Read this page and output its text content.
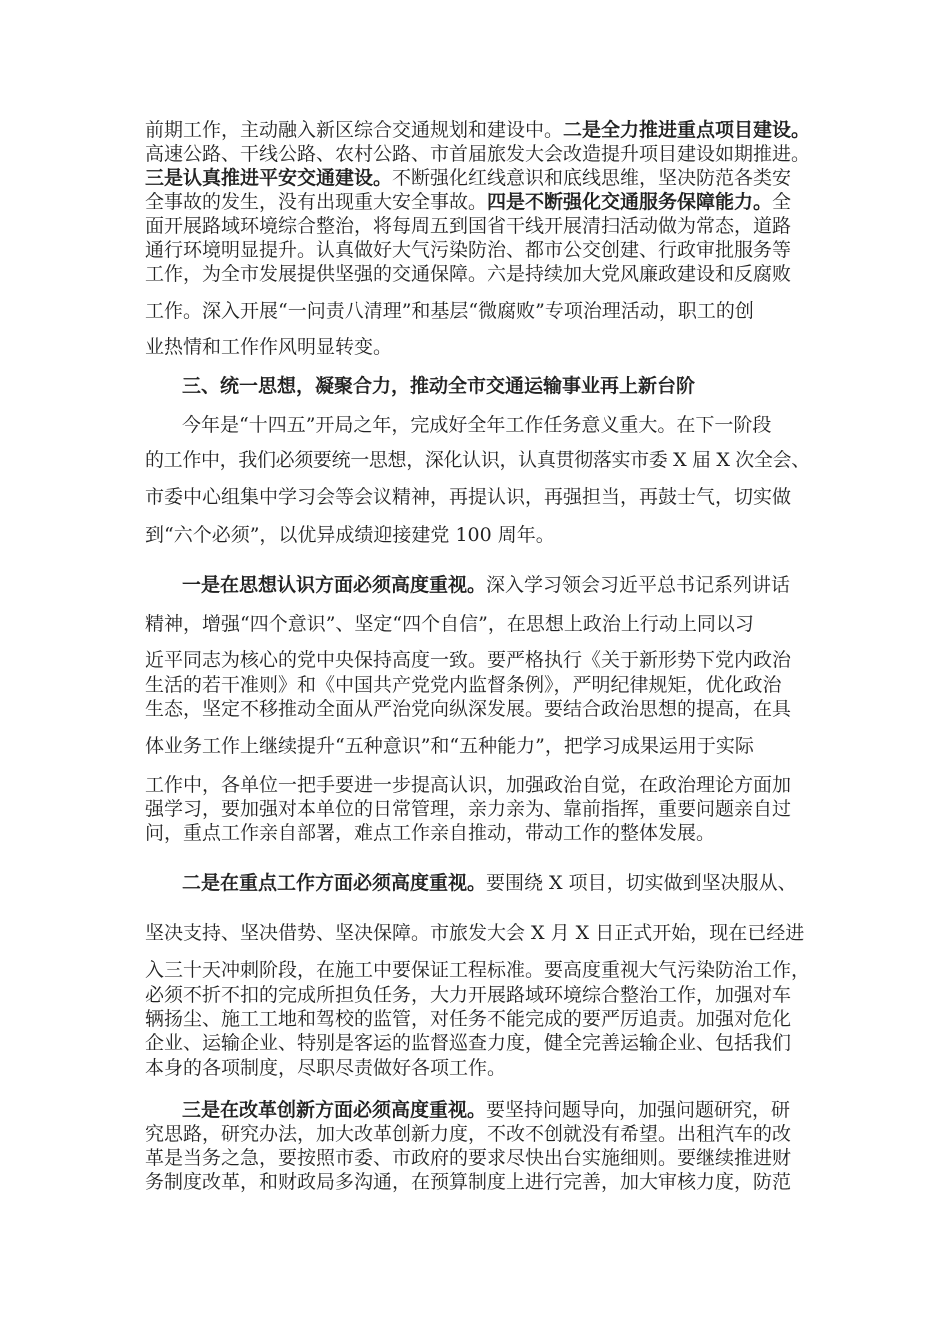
前期工作，主动融入新区综合交通规划和建设中。二是全力推进重点项目建设。
高速公路、干线公路、农村公路、市首届旅发大会改造提升项目建设如期推进。
三是认真推进平安交通建设。不断强化红线意识和底线思维，坚决防范各类安
全事故的发生，没有出现重大安全事故。四是不断强化交通服务保障能力。全
面开展路域环境综合整治，将每周五到国省干线开展清扫活动做为常态，道路
通行环境明显提升。认真做好大气污染防治、都市公交创建、行政审批服务等
工作，为全市发展提供坚强的交通保障。六是持续加大党风廉政建设和反腐败
工作。深入开展“一问责八清理”和基层“微腐败”专项治理活动，职工的创
业热情和工作作风明显转变。
三、统一思想，凝聚合力，推动全市交通运输事业再上新台阶
今年是“十四五”开局之年，完成好全年工作任务意义重大。在下一阶段
的工作中，我们必须要统一思想，深化认识，认真贯彻落实市委 X 届 X 次全会、
市委中心组集中学习会等会议精神，再提认识，再强担当，再鼓士气，切实做
到“六个必须”，以优异成绩迎接建党 100 周年。
一是在思想认识方面必须高度重视。深入学习领会习近平总书记系列讲话
精神，增强“四个意识”、坚定“四个自信”，在思想上政治上行动上同以习
近平同志为核心的党中央保持高度一致。要严格执行《关于新形势下党内政治
生活的若干准则》和《中国共产党党内监督条例》，严明纪律规矩，优化政治
生态，坚定不移推动全面从严治党向纵深发展。要结合政治思想的提高，在具
体业务工作上继续提升“五种意识”和“五种能力”，把学习成果运用于实际
工作中，各单位一把手要进一步提高认识，加强政治自觉，在政治理论方面加
强学习，要加强对本单位的日常管理，亲力亲为、靠前指挥，重要问题亲自过
问，重点工作亲自部署，难点工作亲自推动，带动工作的整体发展。
二是在重点工作方面必须高度重视。要围绕 X 项目，切实做到坚决服从、
坚决支持、坚决借势、坚决保障。市旅发大会 X 月 X 日正式开始，现在已经进
入三十天冲刺阶段，在施工中要保证工程标准。要高度重视大气污染防治工作，
必须不折不扣的完成所担负任务，大力开展路域环境综合整治工作，加强对车
辆扬尘、施工工地和驾校的监管，对任务不能完成的要严厉追责。加强对危化
企业、运输企业、特别是客运的监督巡查力度，健全完善运输企业、包括我们
本身的各项制度，尽职尽责做好各项工作。
三是在改革创新方面必须高度重视。要坚持问题导向，加强问题研究，研
究思路，研究办法，加大改革创新力度，不改不创就没有希望。出租汽车的改
革是当务之急，要按照市委、市政府的要求尽快出台实施细则。要继续推进财
务制度改革，和财政局多沟通，在预算制度上进行完善，加大审核力度，防范
